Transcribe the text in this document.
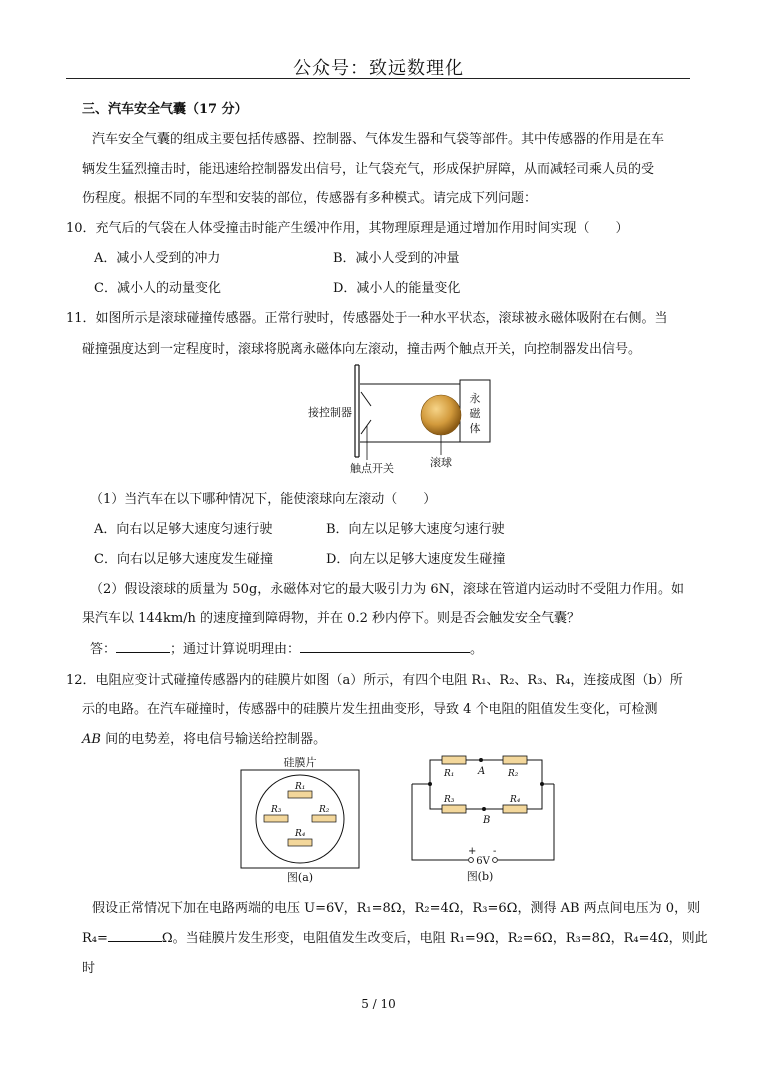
公众号：致远数理化
三、汽车安全气囊（17 分）
汽车安全气囊的组成主要包括传感器、控制器、气体发生器和气袋等部件。其中传感器的作用是在车
辆发生猛烈撞击时，能迅速给控制器发出信号，让气袋充气，形成保护屏障，从而减轻司乘人员的受
伤程度。根据不同的车型和安装的部位，传感器有多种模式。请完成下列问题：
10．充气后的气袋在人体受撞击时能产生缓冲作用，其物理原理是通过增加作用时间实现（　　）
A．减小人受到的冲力	B．减小人受到的冲量
C．减小人的动量变化	D．减小人的能量变化
11．如图所示是滚球碰撞传感器。正常行驶时，传感器处于一种水平状态，滚球被永磁体吸附在右侧。当
碰撞强度达到一定程度时，滚球将脱离永磁体向左滚动，撞击两个触点开关，向控制器发出信号。
接控制器
永
磁
体
滚球
触点开关
（1）当汽车在以下哪种情况下，能使滚球向左滚动（　　）
A．向右以足够大速度匀速行驶	B．向左以足够大速度匀速行驶
C．向右以足够大速度发生碰撞	D．向左以足够大速度发生碰撞
（2）假设滚球的质量为 50g，永磁体对它的最大吸引力为 6N，滚球在管道内运动时不受阻力作用。如
果汽车以 144km/h 的速度撞到障碍物，并在 0.2 秒内停下。则是否会触发安全气囊？
答：	；通过计算说明理由：	。
12．电阻应变计式碰撞传感器内的硅膜片如图（a）所示，有四个电阻 R₁、R₂、R₃、R₄，连接成图（b）所
示的电路。在汽车碰撞时，传感器中的硅膜片发生扭曲变形，导致 4 个电阻的阻值发生变化，可检测
AB 间的电势差，将电信号输送给控制器。
硅膜片
R₁
R₃	R₂
R₄
图(a)
R₁	R₂
R₃	R₄
A
B
+ -
6V
图(b)
假设正常情况下加在电路两端的电压 U=6V，R₁=8Ω，R₂=4Ω，R₃=6Ω，测得 AB 两点间电压为 0，则
R₄=	Ω。当硅膜片发生形变，电阻值发生改变后，电阻 R₁=9Ω，R₂=6Ω，R₃=8Ω，R₄=4Ω，则此
时
5 / 10
